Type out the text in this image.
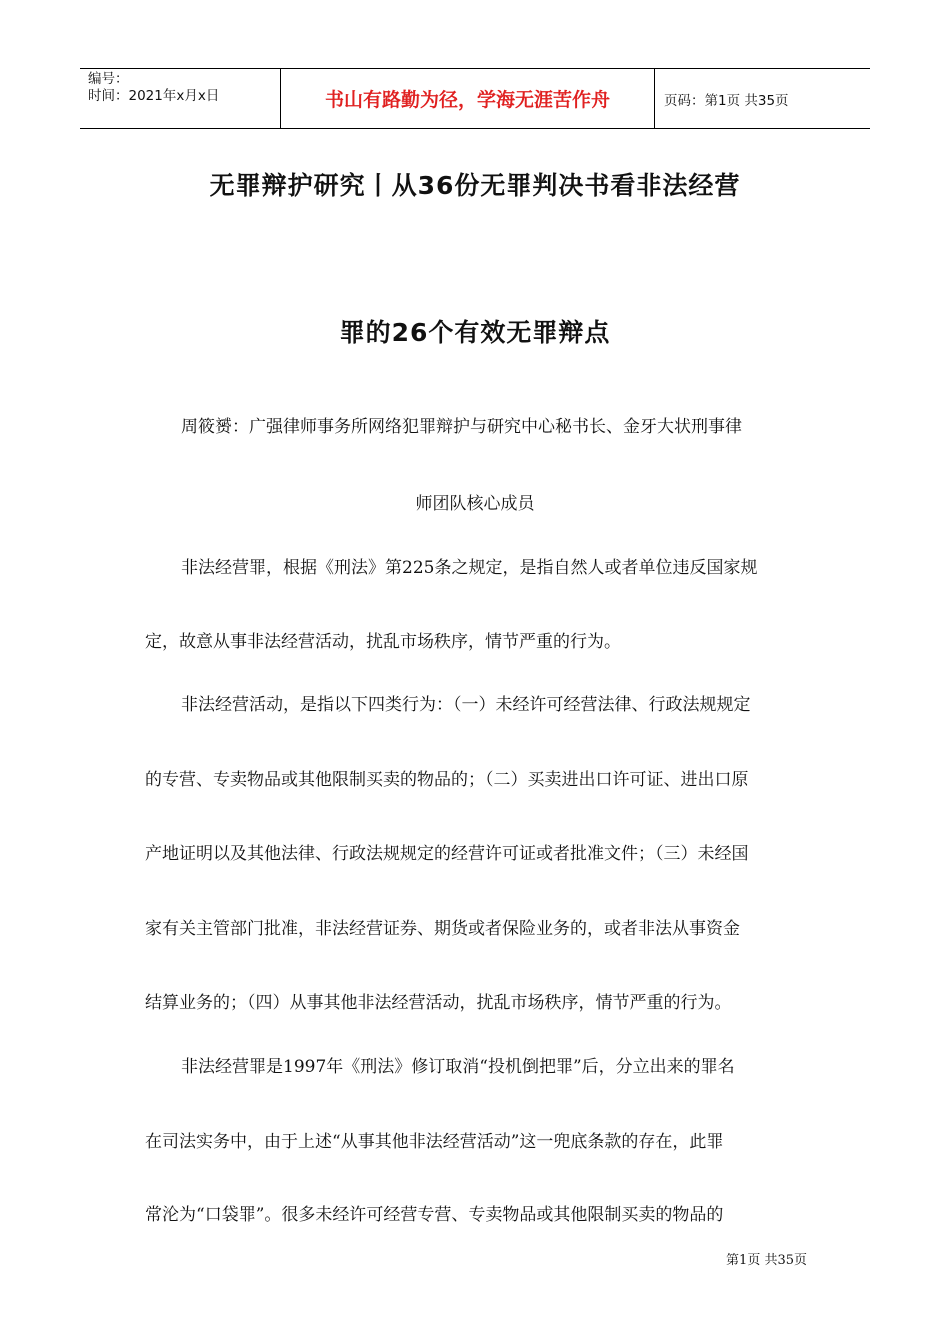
编号：
时间：2021年x月x日	书山有路勤为径，学海无涯苦作舟	页码：第1页 共35页
无罪辩护研究丨从36份无罪判决书看非法经营
罪的26个有效无罪辩点
周筱赟：广强律师事务所网络犯罪辩护与研究中心秘书长、金牙大状刑事律
师团队核心成员
非法经营罪，根据《刑法》第225条之规定，是指自然人或者单位违反国家规
定，故意从事非法经营活动，扰乱市场秩序，情节严重的行为。
非法经营活动，是指以下四类行为：（一）未经许可经营法律、行政法规规定
的专营、专卖物品或其他限制买卖的物品的；（二）买卖进出口许可证、进出口原
产地证明以及其他法律、行政法规规定的经营许可证或者批准文件；（三）未经国
家有关主管部门批准，非法经营证券、期货或者保险业务的，或者非法从事资金
结算业务的；（四）从事其他非法经营活动，扰乱市场秩序，情节严重的行为。
非法经营罪是1997年《刑法》修订取消“投机倒把罪”后，分立出来的罪名
在司法实务中，由于上述“从事其他非法经营活动”这一兜底条款的存在，此罪
常沦为“口袋罪”。很多未经许可经营专营、专卖物品或其他限制买卖的物品的
第1页 共35页
